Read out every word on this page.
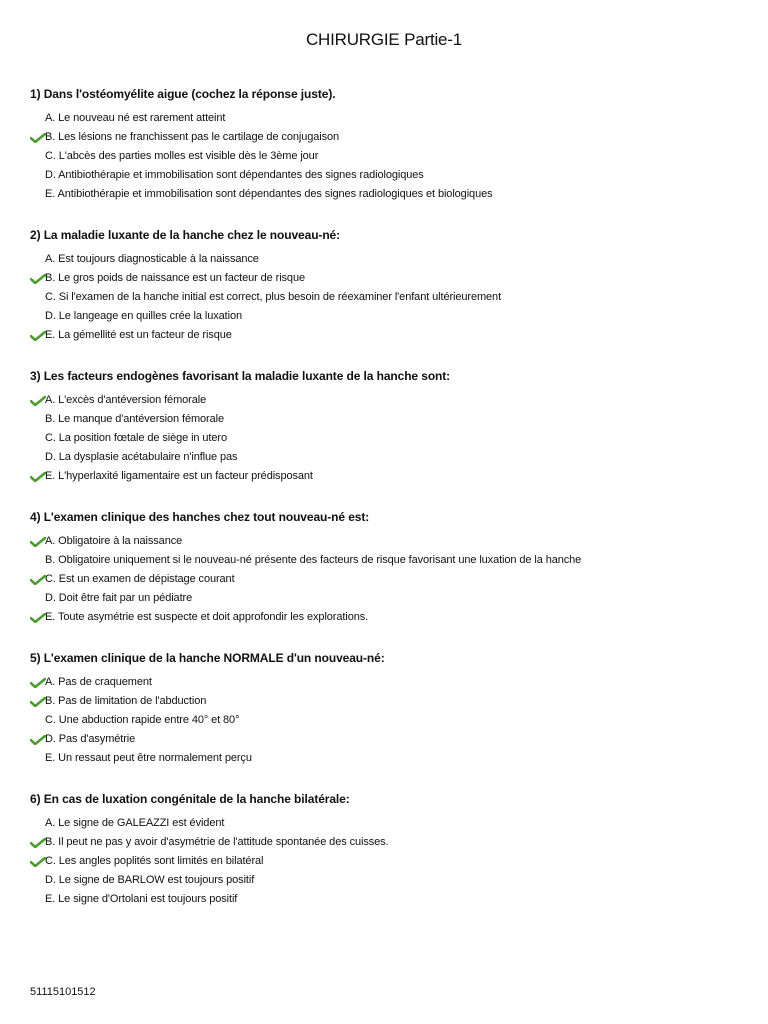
CHIRURGIE Partie-1
1) Dans l'ostéomyélite aigue (cochez la réponse juste).
A. Le nouveau né est rarement atteint
B. Les lésions ne franchissent pas le cartilage de conjugaison
C. L'abcès des parties molles est visible dès le 3ème jour
D. Antibiothérapie et immobilisation sont dépendantes des signes radiologiques
E. Antibiothérapie et immobilisation sont dépendantes des signes radiologiques et biologiques
2) La maladie luxante de la hanche chez le nouveau-né:
A. Est toujours diagnosticable à la naissance
B. Le gros poids de naissance est un facteur de risque
C. Si l'examen de la hanche initial est correct, plus besoin de réexaminer l'enfant ultérieurement
D. Le langeage en quilles crée la luxation
E. La gémellité est un facteur de risque
3) Les facteurs endogènes favorisant la maladie luxante de la hanche sont:
A. L'excès d'antéversion fémorale
B. Le manque d'antéversion fémorale
C. La position fœtale de siège in utero
D. La dysplasie acétabulaire n'influe pas
E. L'hyperlaxité ligamentaire est un facteur prédisposant
4) L'examen clinique des hanches chez tout nouveau-né est:
A. Obligatoire à la naissance
B. Obligatoire uniquement si le nouveau-né présente des facteurs de risque favorisant une luxation de la hanche
C. Est un examen de dépistage courant
D. Doit être fait par un pédiatre
E. Toute asymétrie est suspecte et doit approfondir les explorations.
5) L'examen clinique de la hanche NORMALE d'un nouveau-né:
A. Pas de craquement
B. Pas de limitation de l'abduction
C. Une abduction rapide entre 40° et 80°
D. Pas d'asymétrie
E. Un ressaut peut être normalement perçu
6) En cas de luxation congénitale de la hanche bilatérale:
A. Le signe de GALEAZZI est évident
B. Il peut ne pas y avoir d'asymétrie de l'attitude spontanée des cuisses.
C. Les angles poplités sont limités en bilatéral
D. Le signe de BARLOW est toujours positif
E. Le signe d'Ortolani est toujours positif
51115101512
